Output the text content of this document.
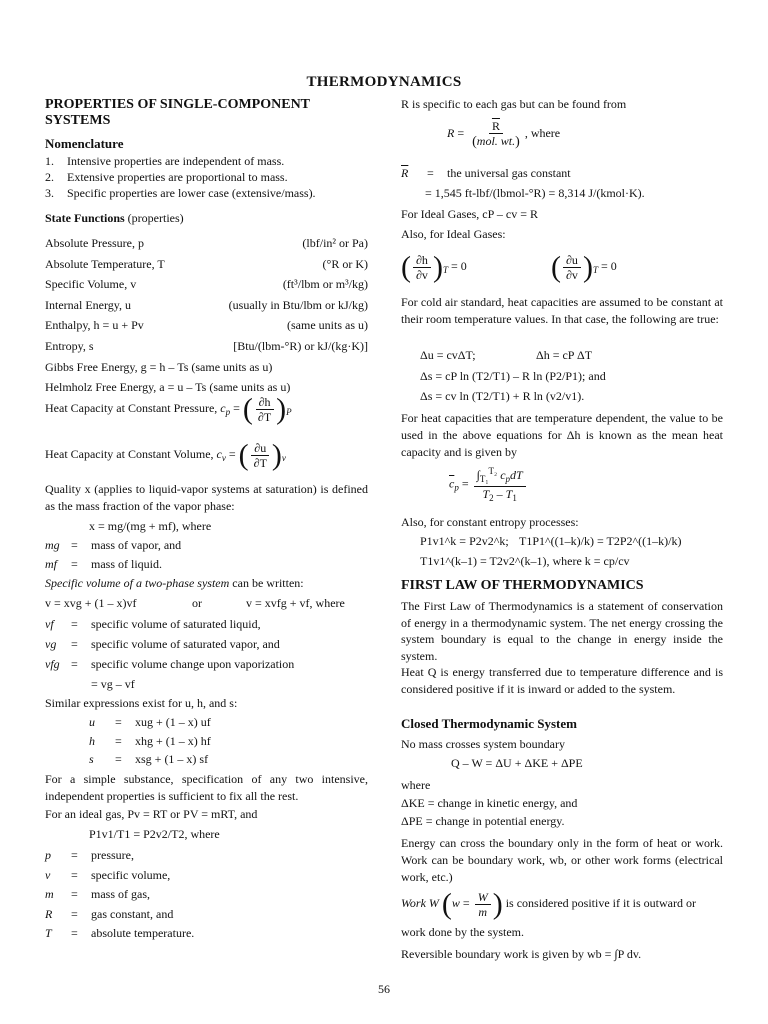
THERMODYNAMICS
PROPERTIES OF SINGLE-COMPONENT SYSTEMS
Nomenclature
1.	Intensive properties are independent of mass.
2.	Extensive properties are proportional to mass.
3.	Specific properties are lower case (extensive/mass).
State Functions (properties)
Absolute Pressure, p	(lbf/in² or Pa)
Absolute Temperature, T	(°R or K)
Specific Volume, v	(ft³/lbm or m³/kg)
Internal Energy, u	(usually in Btu/lbm or kJ/kg)
Enthalpy, h = u + Pv	(same units as u)
Entropy, s	[Btu/(lbm-°R) or kJ/(kg·K)]
Gibbs Free Energy, g = h – Ts (same units as u)
Helmholz Free Energy, a = u – Ts (same units as u)
Heat Capacity at Constant Pressure, $c_p$ = ( $\frac{\partial h}{\partial T} )_P$
Heat Capacity at Constant Volume, $c_v$ = ( $\frac{\partial u}{\partial T} )_v$
Quality x (applies to liquid-vapor systems at saturation) is defined as the mass fraction of the vapor phase:
x = mg/(mg + mf), where
mg =	mass of vapor, and
mf	=	mass of liquid.
Specific volume of a two-phase system can be written:
v = xvg + (1 – x)vf	or	v = xvfg + vf, where
vf	=	specific volume of saturated liquid,
vg	=	specific volume of saturated vapor, and
vfg =	specific volume change upon vaporization
= vg – vf
Similar expressions exist for u, h, and s:
u	=	xug + (1 – x) uf
h	=	xhg + (1 – x) hf
s	=	xsg + (1 – x) sf
For a simple substance, specification of any two intensive, independent properties is sufficient to fix all the rest.
For an ideal gas, Pv = RT or PV = mRT, and
P1v1/T1 = P2v2/T2, where
p	=	pressure,
v	=	specific volume,
m	=	mass of gas,
R	=	gas constant, and
T	=	absolute temperature.
R is specific to each gas but can be found from
$R = \frac{\overline{R}}{\text{(mol. wt.)}}$ , where
$\overline{R}$	=	the universal gas constant
= 1,545 ft-lbf/(lbmol-°R) = 8,314 J/(kmol·K).
For Ideal Gases, cP – cv = R
Also, for Ideal Gases:
( $\frac{\partial h}{\partial v} )_T = 0$	( $\frac{\partial u}{\partial v} )_T = 0$
For cold air standard, heat capacities are assumed to be constant at their room temperature values. In that case, the following are true:
Δu = cvΔT;	Δh = cP ΔT
Δs = cP ln (T2/T1) – R ln (P2/P1); and
Δs = cv ln (T2/T1) + R ln (v2/v1).
For heat capacities that are temperature dependent, the value to be used in the above equations for Δh is known as the mean heat capacity and is given by
$\overline{c}_p = \frac{\int_{T_1}^{T_2} c_pdT}{T_2 - T_1}$
Also, for constant entropy processes:
P1v1^k = P2v2^k; T1P1^((1–k)/k) = T2P2^((1–k)/k)
T1v1^(k–1) = T2v2^(k–1), where k = cp/cv
FIRST LAW OF THERMODYNAMICS
The First Law of Thermodynamics is a statement of conservation of energy in a thermodynamic system. The net energy crossing the system boundary is equal to the change in energy inside the system.
Heat Q is energy transferred due to temperature difference and is considered positive if it is inward or added to the system.
Closed Thermodynamic System
No mass crosses system boundary
Q – W = ΔU + ΔKE + ΔPE
where
ΔKE = change in kinetic energy, and
ΔPE = change in potential energy.
Energy can cross the boundary only in the form of heat or work. Work can be boundary work, wb, or other work forms (electrical work, etc.)
Work W ($w = \frac{W}{m}$ ) is considered positive if it is outward or
work done by the system.
Reversible boundary work is given by wb = ∫P dv.
56
